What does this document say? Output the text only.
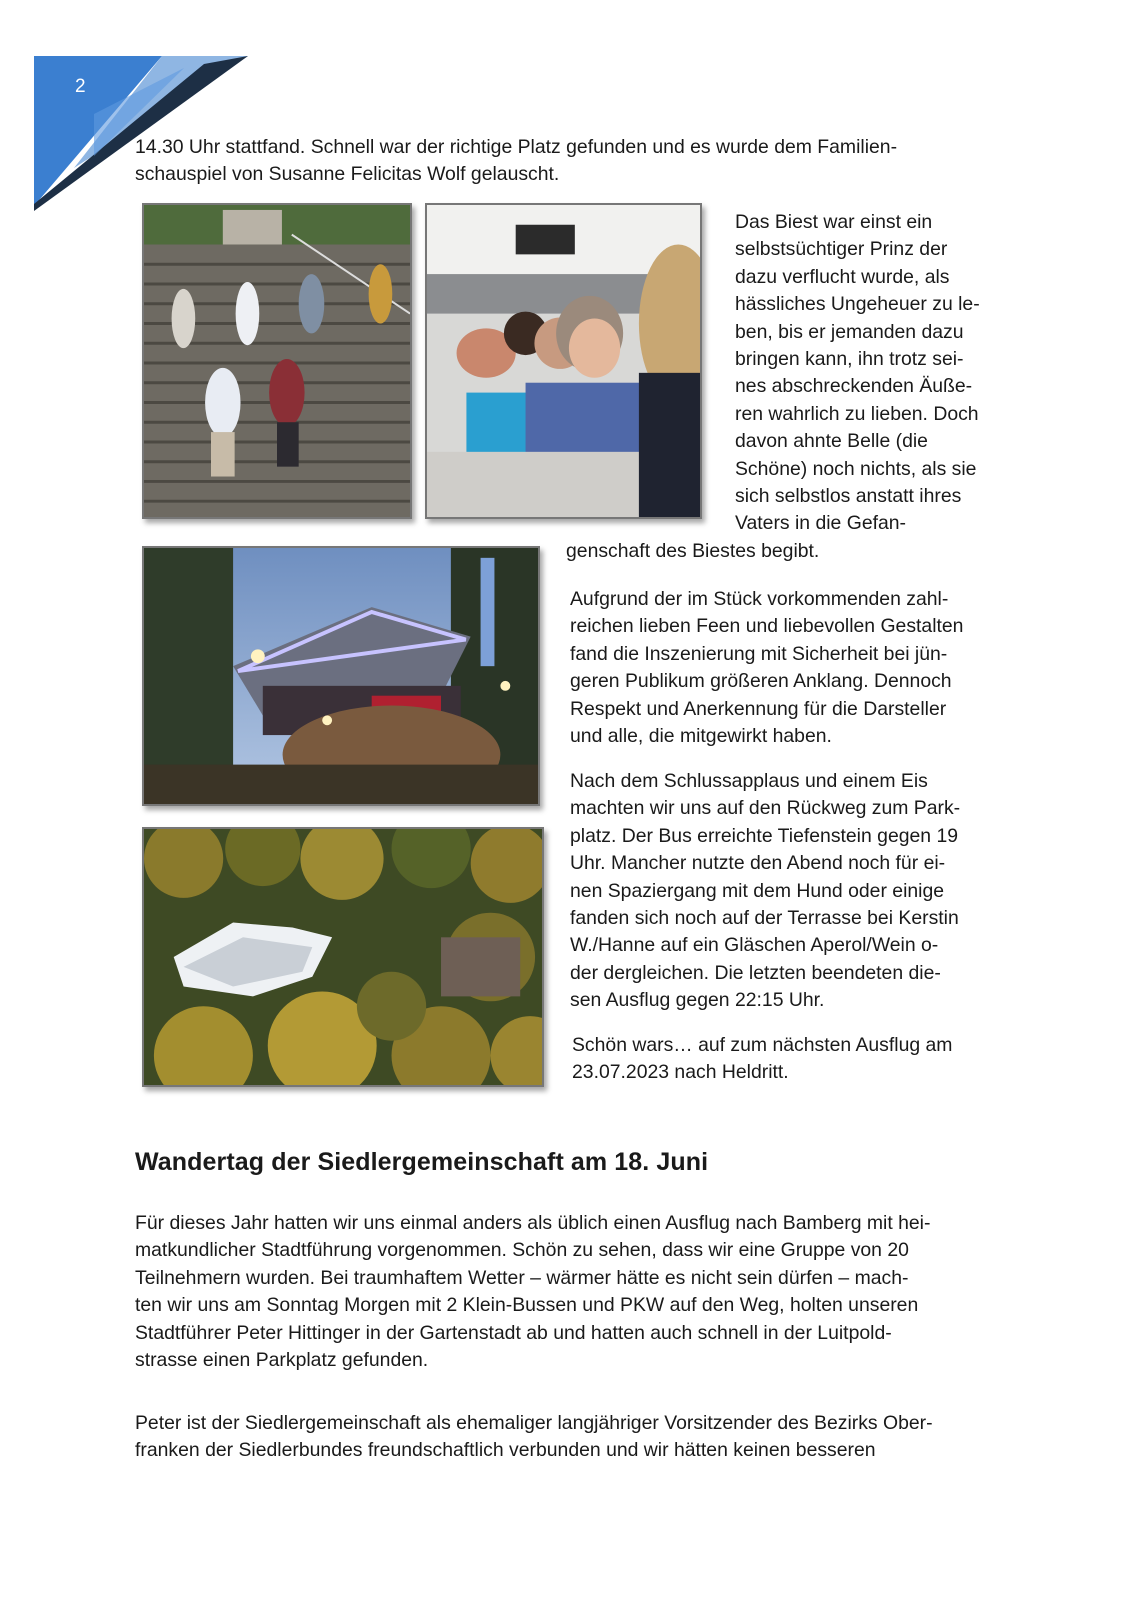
2

14.30 Uhr stattfand. Schnell war der richtige Platz gefunden und es wurde dem Familien-

schauspiel von Susanne Felicitas Wolf gelauscht.

Das Biest war einst ein

selbstsüchtiger Prinz der

dazu verflucht wurde, als

hässliches Ungeheuer zu le-

ben, bis er jemanden dazu

bringen kann, ihn trotz sei-

nes abschreckenden Äuße-

ren wahrlich zu lieben. Doch

davon ahnte Belle (die

Schöne) noch nichts, als sie

sich selbstlos anstatt ihres

Vaters in die Gefan-

genschaft des Biestes begibt.

Aufgrund der im Stück vorkommenden zahl-

reichen lieben Feen und liebevollen Gestalten

fand die Inszenierung mit Sicherheit bei jün-

geren Publikum größeren Anklang. Dennoch

Respekt und Anerkennung für die Darsteller

und alle, die mitgewirkt haben.

Nach dem Schlussapplaus und einem Eis

machten wir uns auf den Rückweg zum Park-

platz. Der Bus erreichte Tiefenstein gegen 19

Uhr. Mancher nutzte den Abend noch für ei-

nen Spaziergang mit dem Hund oder einige

fanden sich noch auf der Terrasse bei Kerstin

W./Hanne auf ein Gläschen Aperol/Wein o-

der dergleichen. Die letzten beendeten die-

sen Ausflug gegen 22:15 Uhr.

Schön wars… auf zum nächsten Ausflug am

23.07.2023 nach Heldritt.

Wandertag der Siedlergemeinschaft am 18. Juni

Für dieses Jahr hatten wir uns einmal anders als üblich einen Ausflug nach Bamberg mit hei-

matkundlicher Stadtführung vorgenommen. Schön zu sehen, dass wir eine Gruppe von 20

Teilnehmern wurden. Bei traumhaftem Wetter – wärmer hätte es nicht sein dürfen – mach-

ten wir uns am Sonntag Morgen mit 2 Klein-Bussen und PKW auf den Weg, holten unseren

Stadtführer Peter Hittinger in der Gartenstadt ab und hatten auch schnell in der Luitpold-

strasse einen Parkplatz gefunden.

Peter ist der Siedlergemeinschaft als ehemaliger langjähriger Vorsitzender des Bezirks Ober-

franken der Siedlerbundes freundschaftlich verbunden und wir hätten keinen besseren
